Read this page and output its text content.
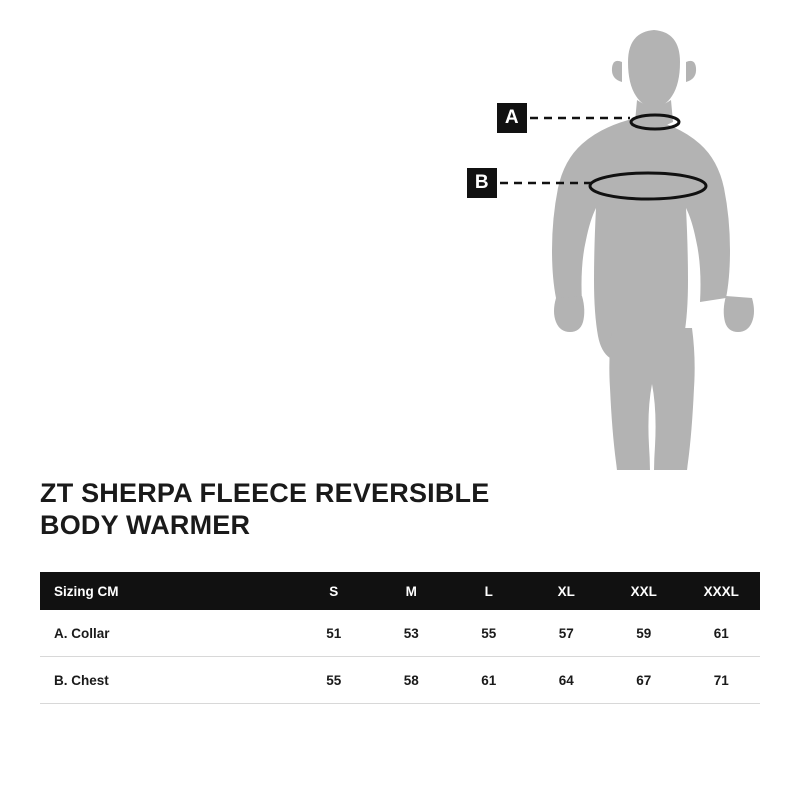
A
B
ZT SHERPA FLEECE REVERSIBLE BODY WARMER
Sizing CM	S	M	L	XL	XXL	XXXL
A. Collar	51	53	55	57	59	61
B. Chest	55	58	61	64	67	71
